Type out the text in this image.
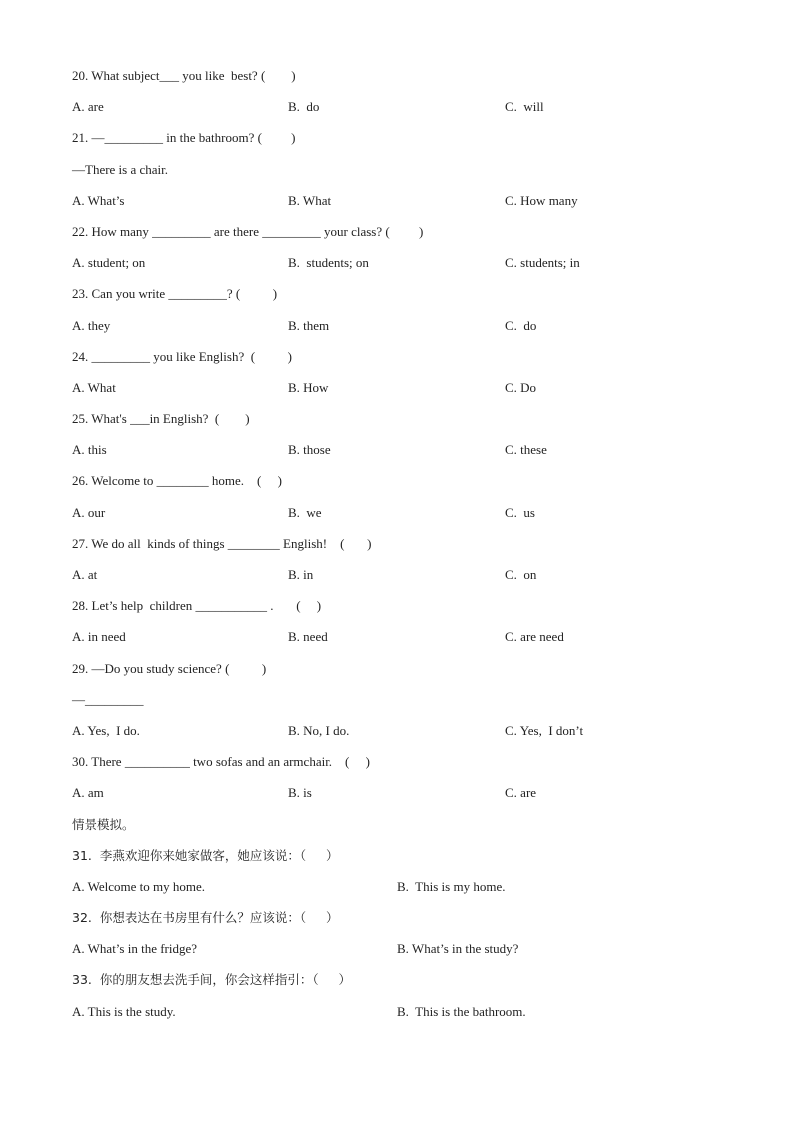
20. What subject___ you like  best? (        )
A. are	B.  do	C.  will
21. —_________ in the bathroom? (         )
—There is a chair.
A. What’s	B. What	C. How many
22. How many _________ are there _________ your class? (         )
A. student; on	B.  students; on	C. students; in
23. Can you write _________? (          )
A. they	B. them	C.  do
24. _________ you like English?  (          )
A. What	B. How	C. Do
25. What's ___in English?  (        )
A. this	B. those	C. these
26. Welcome to ________ home.    (     )
A. our	B.  we	C.  us
27. We do all  kinds of things ________ English!    (       )
A. at	B. in	C.  on
28. Let’s help  children ___________ .       (     )
A. in need	B. need	C. are need
29. —Do you study science? (          )
—_________
A. Yes,  I do.	B. No, I do.	C. Yes,  I don’t
30. There __________ two sofas and an armchair.    (     )
A. am	B. is	C. are
情景模拟。
31.  李燕欢迎你来她家做客，她应该说：（     ）
A. Welcome to my home.	B.  This is my home.
32.  你想表达在书房里有什么？应该说：（     ）
A. What’s in the fridge?	B. What’s in the study?
33.  你的朋友想去洗手间，你会这样指引：（     ）
A. This is the study.	B.  This is the bathroom.
